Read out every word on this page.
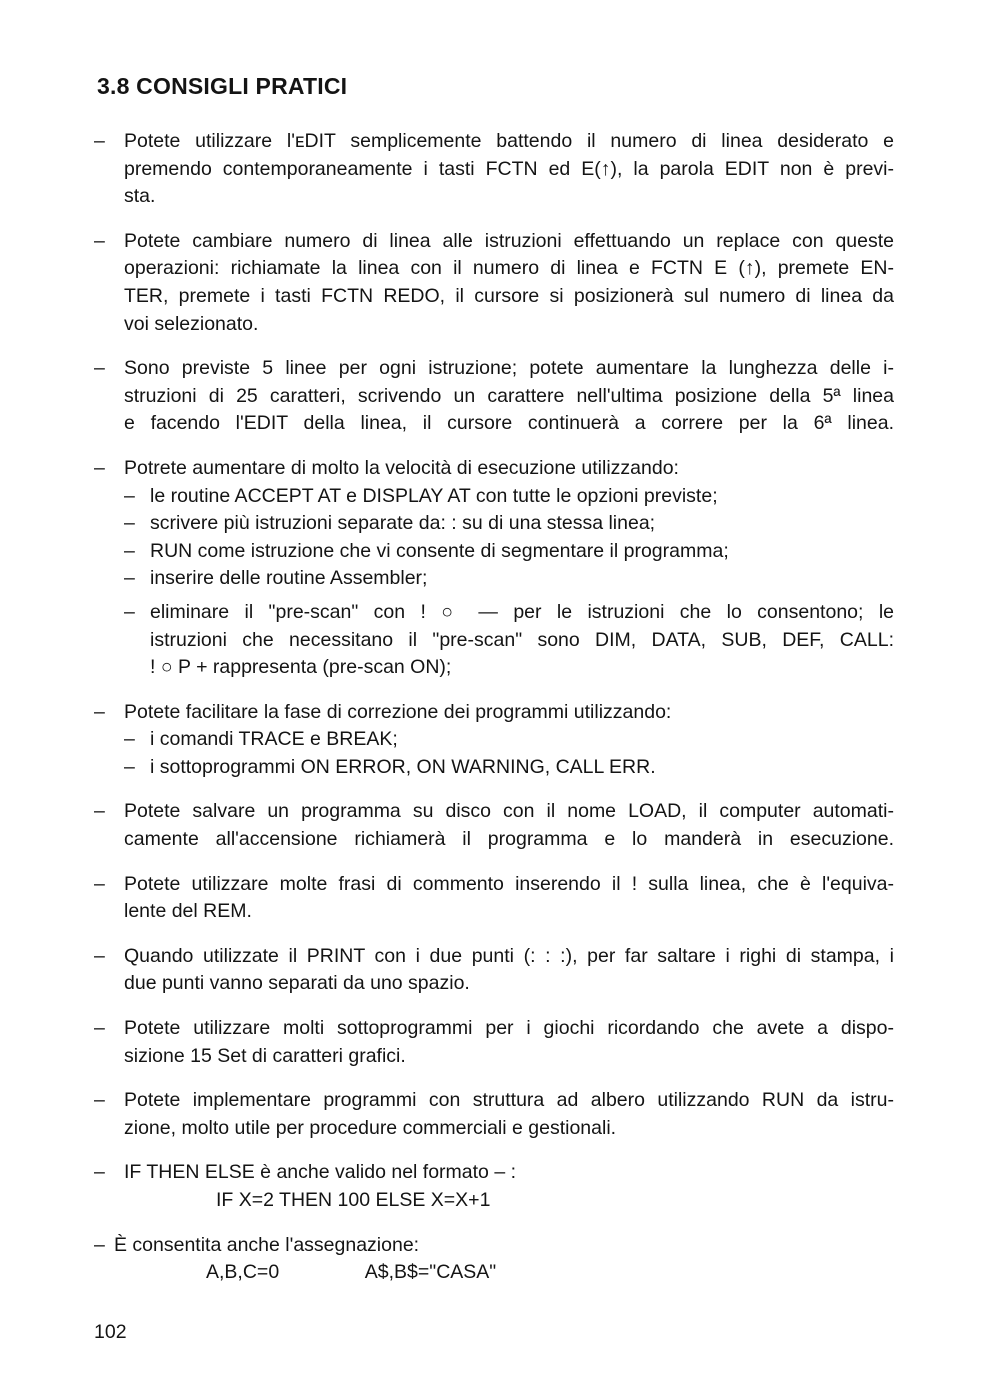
3.8 CONSIGLI PRATICI
– Potete utilizzare l'ᴇDIT semplicemente battendo il numero di linea desiderato e
premendo contemporaneamente i tasti FCTN ed E(↑), la parola EDIT non è previ-
sta.
– Potete cambiare numero di linea alle istruzioni effettuando un replace con queste
operazioni: richiamate la linea con il numero di linea e FCTN E (↑), premete EN-
TER, premete i tasti FCTN REDO, il cursore si posizionerà sul numero di linea da
voi selezionato.
– Sono previste 5 linee per ogni istruzione; potete aumentare la lunghezza delle i-
struzioni di 25 caratteri, scrivendo un carattere nell'ultima posizione della 5ª linea
e facendo l'EDIT della linea, il cursore continuerà a correre per la 6ª linea.
– Potrete aumentare di molto la velocità di esecuzione utilizzando:
– le routine ACCEPT AT e DISPLAY AT con tutte le opzioni previste;
– scrivere più istruzioni separate da: : su di una stessa linea;
– RUN come istruzione che vi consente di segmentare il programma;
– inserire delle routine Assembler;
– eliminare il "pre-scan" con ! ○ — per le istruzioni che lo consentono; le
istruzioni che necessitano il "pre-scan" sono DIM, DATA, SUB, DEF, CALL:
! ○ P + rappresenta (pre-scan ON);
– Potete facilitare la fase di correzione dei programmi utilizzando:
– i comandi TRACE e BREAK;
– i sottoprogrammi ON ERROR, ON WARNING, CALL ERR.
– Potete salvare un programma su disco con il nome LOAD, il computer automati-
camente all'accensione richiamerà il programma e lo manderà in esecuzione.
– Potete utilizzare molte frasi di commento inserendo il ! sulla linea, che è l'equiva-
lente del REM.
– Quando utilizzate il PRINT con i due punti (: : :), per far saltare i righi di stampa, i
due punti vanno separati da uno spazio.
– Potete utilizzare molti sottoprogrammi per i giochi ricordando che avete a dispo-
sizione 15 Set di caratteri grafici.
– Potete implementare programmi con struttura ad albero utilizzando RUN da istru-
zione, molto utile per procedure commerciali e gestionali.
– IF THEN ELSE è anche valido nel formato – :
IF X=2 THEN 100 ELSE X=X+1
– È consentita anche l'assegnazione:
A,B,C=0                A$,B$="CASA"
102
